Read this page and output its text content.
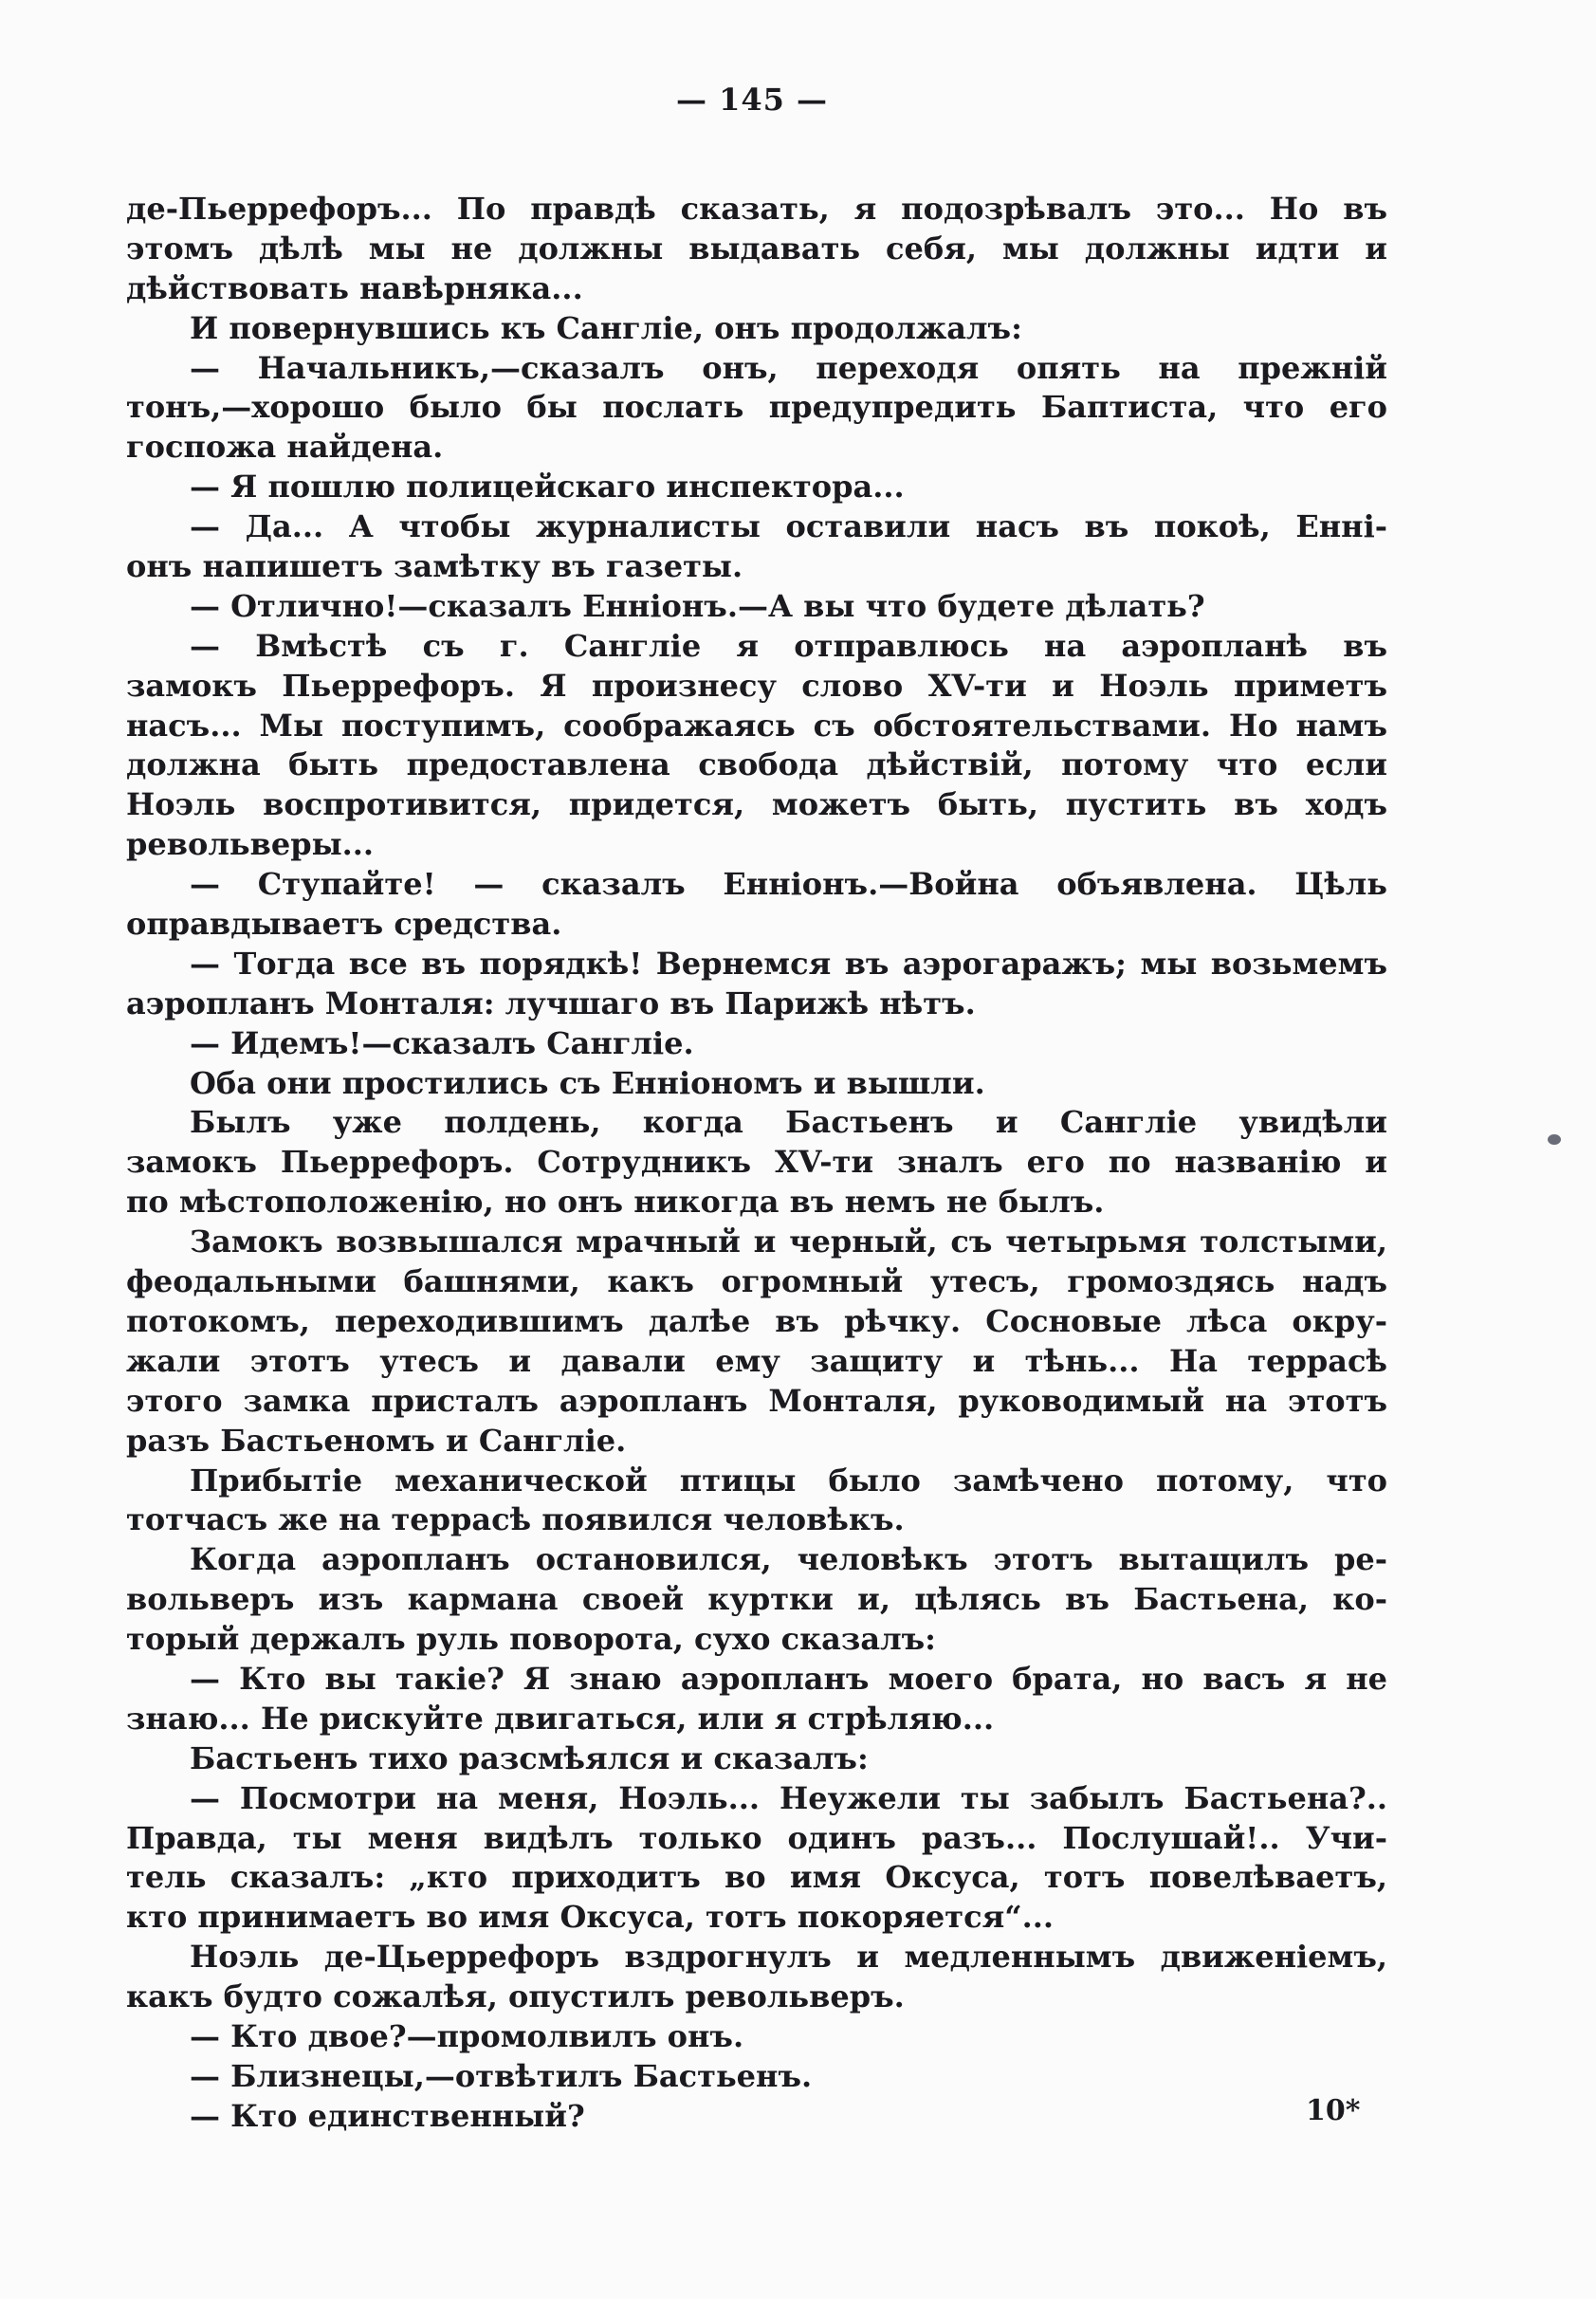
— 145 —
де-Пьеррефоръ... По правдѣ сказать, я подозрѣвалъ это... Но въ
этомъ дѣлѣ мы не должны выдавать себя, мы должны идти и
дѣйствовать навѣрняка...
И повернувшись къ Санглiе, онъ продолжалъ:
— Начальникъ,—сказалъ онъ, переходя опять на прежнiй
тонъ,—хорошо было бы послать предупредить Баптиста, что его
госпожа найдена.
— Я пошлю полицейскаго инспектора...
— Да... А чтобы журналисты оставили насъ въ покоѣ, Еннi-
онъ напишетъ замѣтку въ газеты.
— Отлично!—сказалъ Еннiонъ.—А вы что будете дѣлать?
— Вмѣстѣ съ г. Санглiе я отправлюсь на аэропланѣ въ
замокъ Пьеррефоръ. Я произнесу слово XV-ти и Ноэль приметъ
насъ... Мы поступимъ, соображаясь съ обстоятельствами. Но намъ
должна быть предоставлена свобода дѣйствiй, потому что если
Ноэль воспротивится, придется, можетъ быть, пустить въ ходъ
револьверы...
— Ступайте! — сказалъ Еннiонъ.—Война объявлена. Цѣль
оправдываетъ средства.
— Тогда все въ порядкѣ! Вернемся въ аэрогаражъ; мы возьмемъ
аэропланъ Монталя: лучшаго въ Парижѣ нѣтъ.
— Идемъ!—сказалъ Санглiе.
Оба они простились съ Еннiономъ и вышли.
Былъ уже полдень, когда Бастьенъ и Санглiе увидѣли
замокъ Пьеррефоръ. Сотрудникъ XV-ти зналъ его по названiю и
по мѣстоположенiю, но онъ никогда въ немъ не былъ.
Замокъ возвышался мрачный и черный, съ четырьмя толстыми,
феодальными башнями, какъ огромный утесъ, громоздясь надъ
потокомъ, переходившимъ далѣе въ рѣчку. Сосновые лѣса окру-
жали этотъ утесъ и давали ему защиту и тѣнь... На террасѣ
этого замка присталъ аэропланъ Монталя, руководимый на этотъ
разъ Бастьеномъ и Санглiе.
Прибытiе механической птицы было замѣчено потому, что
тотчасъ же на террасѣ появился человѣкъ.
Когда аэропланъ остановился, человѣкъ этотъ вытащилъ ре-
вольверъ изъ кармана своей куртки и, цѣлясь въ Бастьена, ко-
торый держалъ руль поворота, сухо сказалъ:
— Кто вы такiе? Я знаю аэропланъ моего брата, но васъ я не
знаю... Не рискуйте двигаться, или я стрѣляю...
Бастьенъ тихо разсмѣялся и сказалъ:
— Посмотри на меня, Ноэль... Неужели ты забылъ Бастьена?..
Правда, ты меня видѣлъ только одинъ разъ... Послушай!.. Учи-
тель сказалъ: „кто приходитъ во имя Оксуса, тотъ повелѣваетъ,
кто принимаетъ во имя Оксуса, тотъ покоряется“...
Ноэль де-Цьеррефоръ вздрогнулъ и медленнымъ движенiемъ,
какъ будто сожалѣя, опустилъ револьверъ.
— Кто двое?—промолвилъ онъ.
— Близнецы,—отвѣтилъ Бастьенъ.
— Кто единственный?	10*
